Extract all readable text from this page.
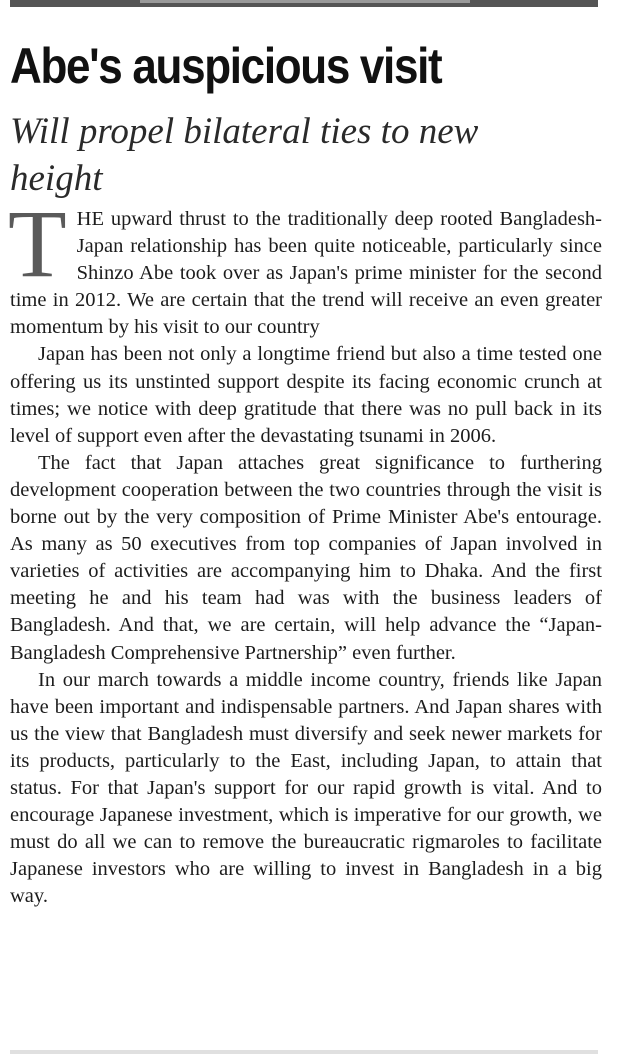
Abe's auspicious visit
Will propel bilateral ties to new height

THE upward thrust to the traditionally deep rooted Bangladesh-Japan relationship has been quite noticeable, particularly since Shinzo Abe took over as Japan's prime minister for the second time in 2012. We are certain that the trend will receive an even greater momentum by his visit to our country

Japan has been not only a longtime friend but also a time tested one offering us its unstinted support despite its facing economic crunch at times; we notice with deep gratitude that there was no pull back in its level of support even after the devastating tsunami in 2006.

The fact that Japan attaches great significance to furthering development cooperation between the two countries through the visit is borne out by the very composition of Prime Minister Abe's entourage. As many as 50 executives from top companies of Japan involved in varieties of activities are accompanying him to Dhaka. And the first meeting he and his team had was with the business leaders of Bangladesh. And that, we are certain, will help advance the “Japan-Bangladesh Comprehensive Partnership” even further.

In our march towards a middle income country, friends like Japan have been important and indispensable partners. And Japan shares with us the view that Bangladesh must diversify and seek newer markets for its products, particularly to the East, including Japan, to attain that status. For that Japan's support for our rapid growth is vital. And to encourage Japanese investment, which is imperative for our growth, we must do all we can to remove the bureaucratic rigmaroles to facilitate Japanese investors who are willing to invest in Bangladesh in a big way.
